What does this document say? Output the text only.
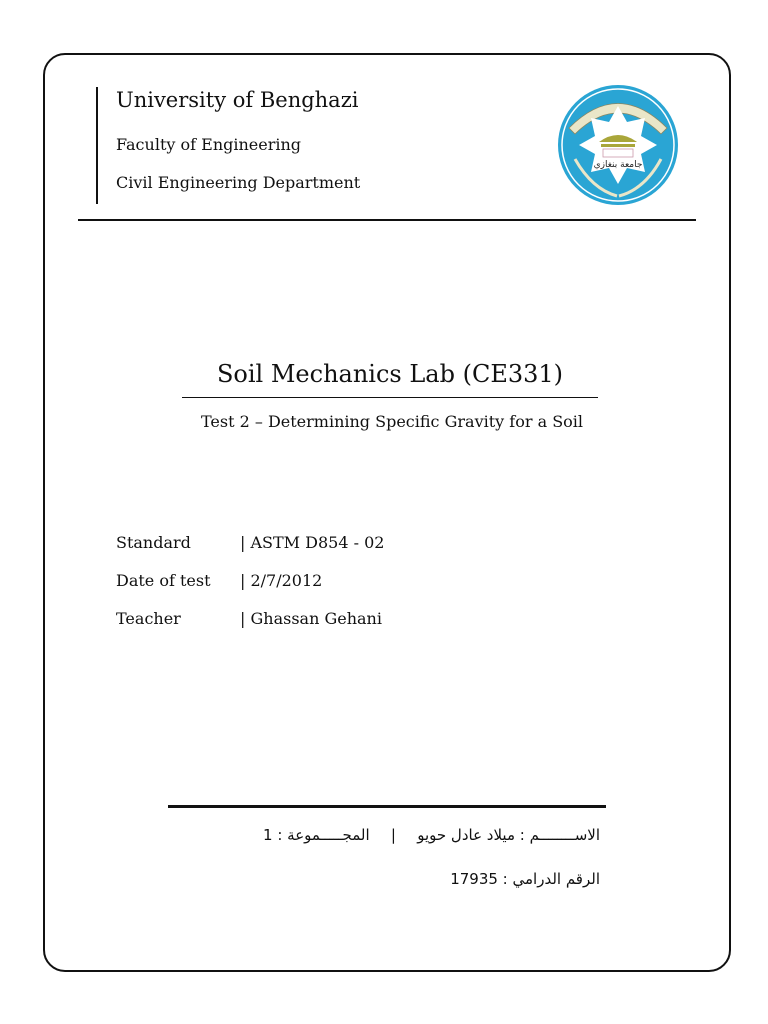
University of Benghazi
Faculty of Engineering
Civil Engineering Department
جامعة بنغازي
Soil Mechanics Lab (CE331)
Test 2 – Determining Specific Gravity for a Soil
Standard	| ASTM D854 - 02
Date of test | 2/7/2012
Teacher	| Ghassan Gehani
الاســــــــم : ميلاد عادل حويو | المجـــــموعة : 1
الرقم الدرامي : 17935
